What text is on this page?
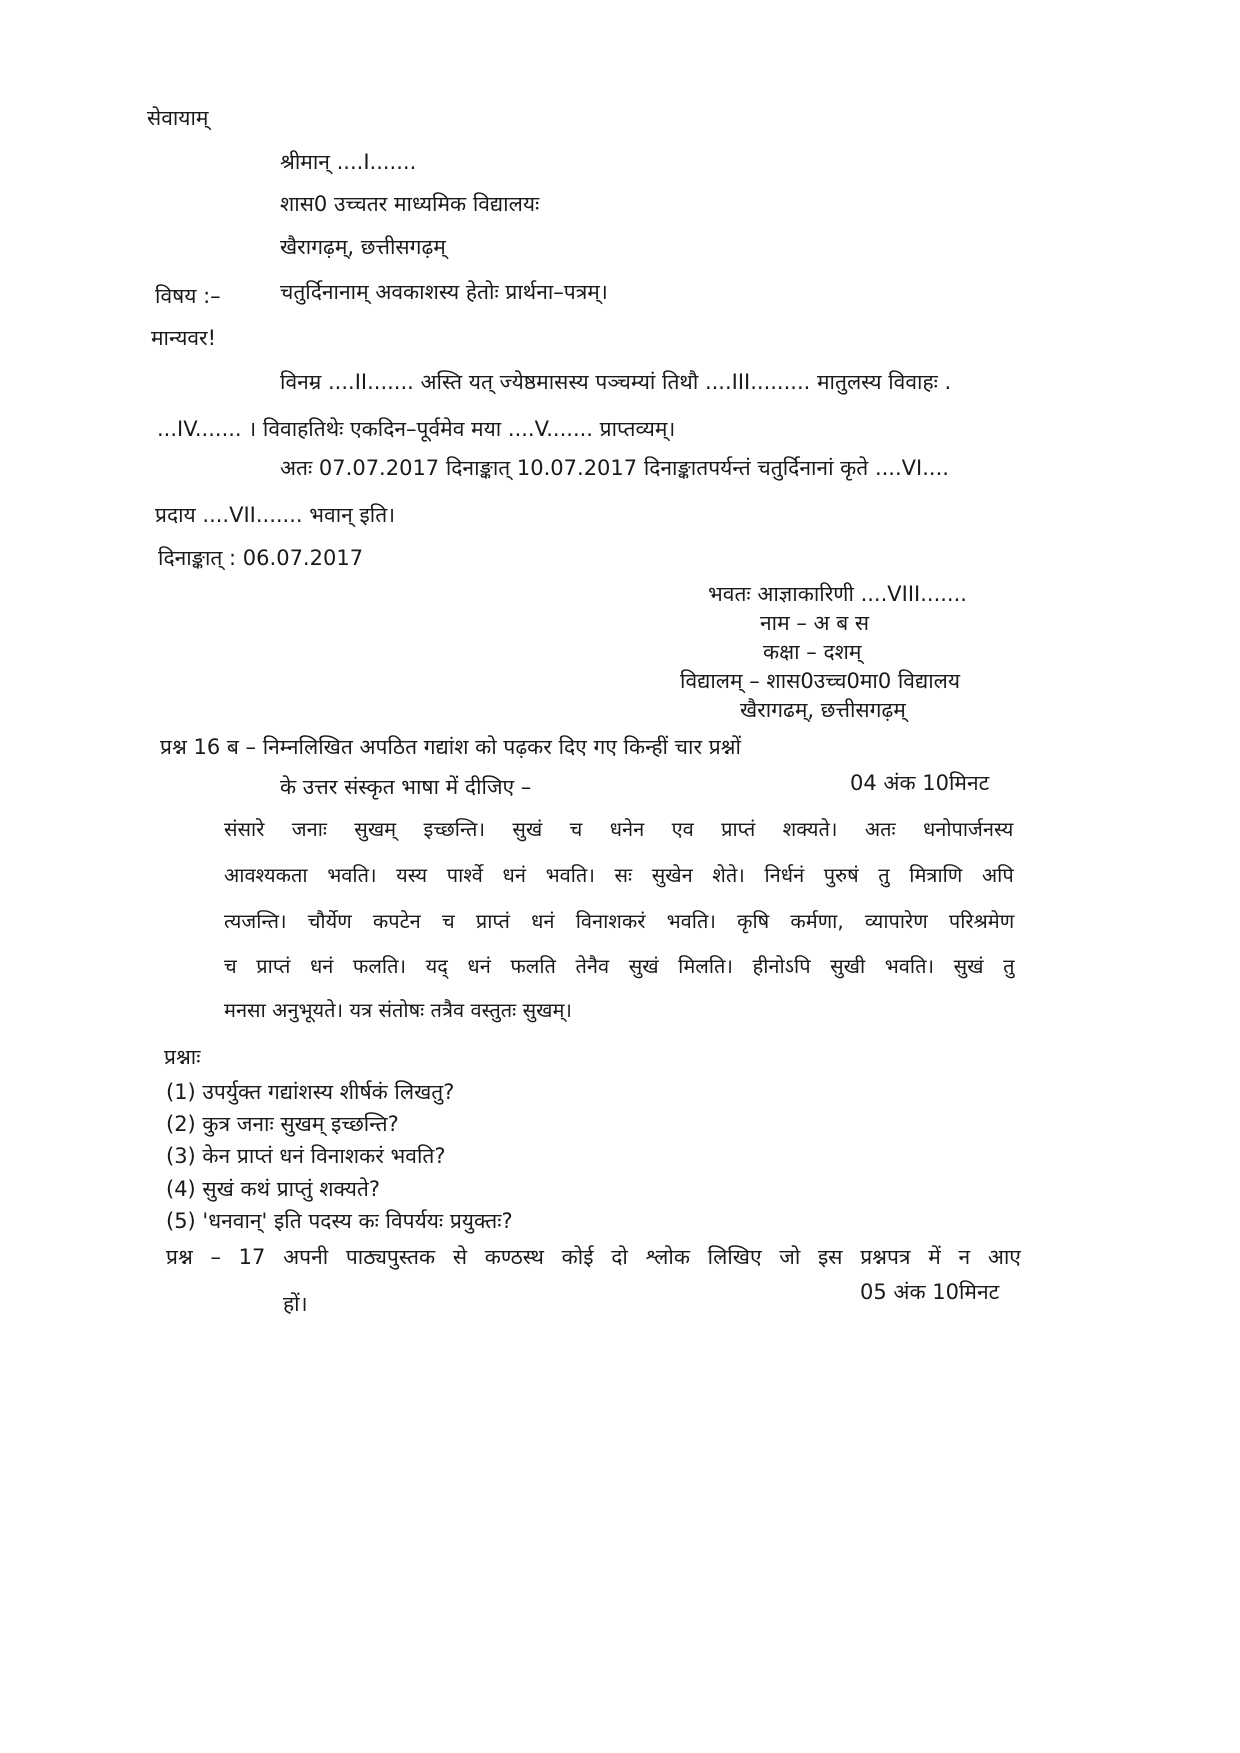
सेवायाम्
श्रीमान् ....I.......
शास0 उच्चतर माध्यमिक विद्यालयः
खैरागढ़म्, छत्तीसगढ़म्
विषय :–	चतुर्दिनानाम् अवकाशस्य हेतोः प्रार्थना–पत्रम्।
मान्यवर!
विनम्र ....II....... अस्ति यत् ज्येष्ठमासस्य पञ्चम्यां तिथौ ....III......... मातुलस्य विवाहः .
...IV....... । विवाहतिथेः एकदिन–पूर्वमेव मया ....V....... प्राप्तव्यम्।
अतः 07.07.2017 दिनाङ्कात् 10.07.2017 दिनाङ्कातपर्यन्तं चतुर्दिनानां कृते ....VI....
प्रदाय ....VII....... भवान् इति।
दिनाङ्कात् : 06.07.2017
भवतः आज्ञाकारिणी ....VIII.......
नाम – अ ब स
कक्षा – दशम्
विद्यालम् – शास0उच्च0मा0 विद्यालय
खैरागढम्, छत्तीसगढ़म्
प्रश्न 16 ब – निम्नलिखित अपठित गद्यांश को पढ़कर दिए गए किन्हीं चार प्रश्नों
के उत्तर संस्कृत भाषा में दीजिए –	04 अंक 10मिनट
संसारे जनाः सुखम् इच्छन्ति। सुखं च धनेन एव प्राप्तं शक्यते। अतः धनोपार्जनस्य
आवश्यकता भवति। यस्य पार्श्वे धनं भवति। सः सुखेन शेते। निर्धनं पुरुषं तु मित्राणि अपि
त्यजन्ति। चौर्येण कपटेन च प्राप्तं धनं विनाशकरं भवति। कृषि कर्मणा, व्यापारेण परिश्रमेण
च प्राप्तं धनं फलति। यद् धनं फलति तेनैव सुखं मिलति। हीनोऽपि सुखी भवति। सुखं तु
मनसा अनुभूयते। यत्र संतोषः तत्रैव वस्तुतः सुखम्।
प्रश्नाः
(1) उपर्युक्त गद्यांशस्य शीर्षकं लिखतु?
(2) कुत्र जनाः सुखम् इच्छन्ति?
(3) केन प्राप्तं धनं विनाशकरं भवति?
(4) सुखं कथं प्राप्तुं शक्यते?
(5) 'धनवान्' इति पदस्य कः विपर्ययः प्रयुक्तः?
प्रश्न – 17 अपनी पाठ्यपुस्तक से कण्ठस्थ कोई दो श्लोक लिखिए जो इस प्रश्नपत्र में न आए
हों।	05 अंक 10मिनट
